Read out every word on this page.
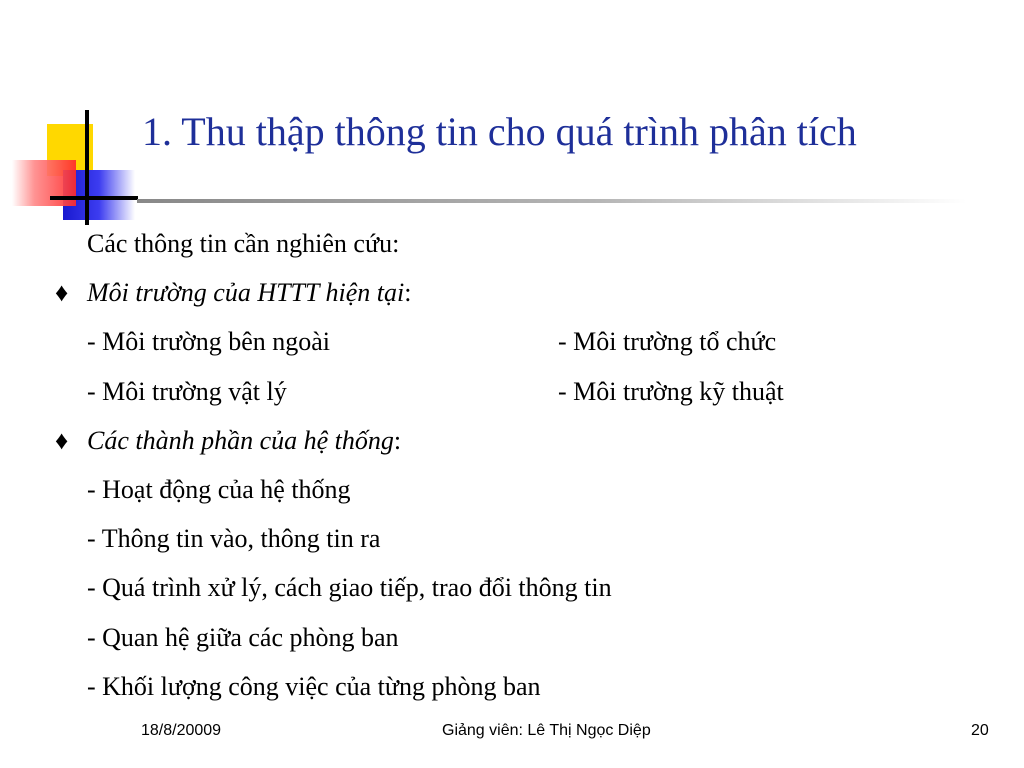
1. Thu thập thông tin cho quá trình phân tích
Các thông tin cần nghiên cứu:
♦ Môi trường của HTTT hiện tại:
- Môi trường bên ngoài	- Môi trường tổ chức
- Môi trường vật lý	- Môi trường kỹ thuật
♦ Các thành phần của hệ thống:
- Hoạt động của hệ thống
- Thông tin vào, thông tin ra
- Quá trình xử lý, cách giao tiếp, trao đổi thông tin
- Quan hệ giữa các phòng ban
- Khối lượng công việc của từng phòng ban
18/8/20009	Giảng viên: Lê Thị Ngọc Diệp	20
